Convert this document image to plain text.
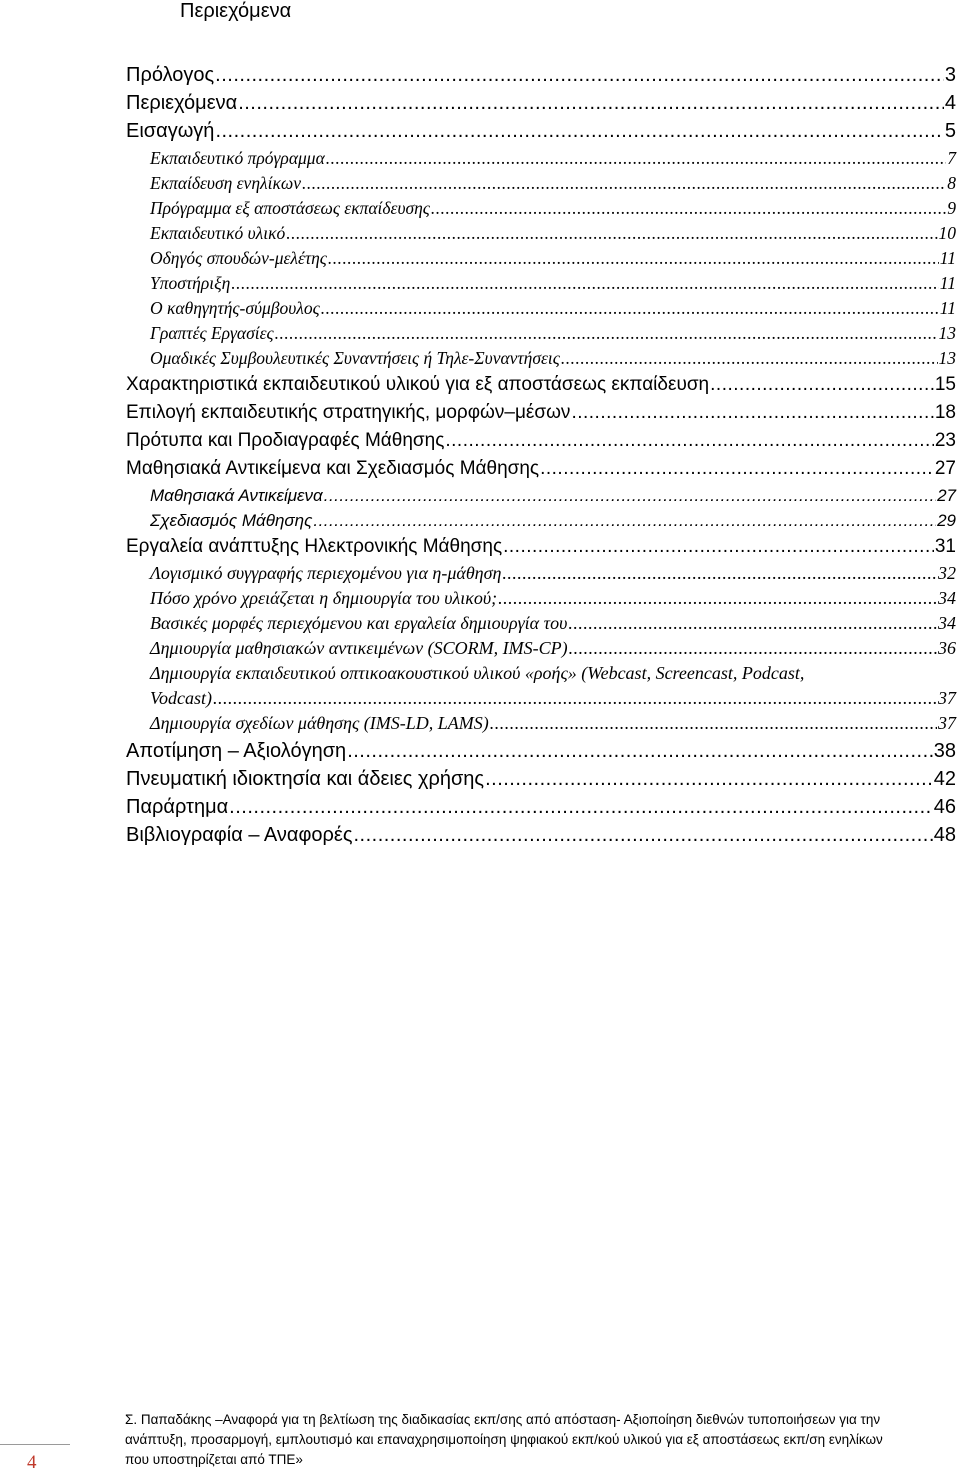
Περιεχόμενα
Πρόλογος .....	3
Περιεχόμενα .....	4
Εισαγωγή .....	5
Εκπαιδευτικό πρόγραμμα .....	7
Εκπαίδευση ενηλίκων .....	8
Πρόγραμμα εξ αποστάσεως εκπαίδευσης .....	9
Εκπαιδευτικό υλικό .....	10
Οδηγός σπουδών-μελέτης .....	11
Υποστήριξη .....	11
Ο καθηγητής-σύμβουλος .....	11
Γραπτές Εργασίες .....	13
Ομαδικές Συμβουλευτικές Συναντήσεις ή Τηλε-Συναντήσεις .....	13
Χαρακτηριστικά εκπαιδευτικού υλικού για εξ αποστάσεως εκπαίδευση .....	15
Επιλογή εκπαιδευτικής στρατηγικής, μορφών–μέσων .....	18
Πρότυπα και Προδιαγραφές Μάθησης .....	23
Μαθησιακά Αντικείμενα και Σχεδιασμός Μάθησης .....	27
Μαθησιακά Αντικείμενα .....	27
Σχεδιασμός Μάθησης .....	29
Εργαλεία ανάπτυξης Ηλεκτρονικής Μάθησης .....	31
Λογισμικό συγγραφής περιεχομένου για η-μάθηση .....	32
Πόσο χρόνο χρειάζεται η δημιουργία του υλικού; .....	34
Βασικές μορφές περιεχόμενου και εργαλεία δημιουργία του .....	34
Δημιουργία μαθησιακών αντικειμένων (SCORM, IMS-CP) .....	36
Δημιουργία εκπαιδευτικού οπτικοακουστικού υλικού «ροής» (Webcast, Screencast, Podcast,
Vodcast) .....	37
Δημιουργία σχεδίων μάθησης (IMS-LD, LAMS) .....	37
Αποτίμηση – Αξιολόγηση .....	38
Πνευματική ιδιοκτησία και άδειες χρήσης .....	42
Παράρτημα .....	46
Βιβλιογραφία – Αναφορές .....	48
Σ. Παπαδάκης –Αναφορά για τη βελτίωση της διαδικασίας εκπ/σης από απόσταση- Αξιοποίηση διεθνών τυποποιήσεων για την
ανάπτυξη, προσαρμογή, εμπλουτισμό και επαναχρησιμοποίηση ψηφιακού εκπ/κού υλικού για εξ αποστάσεως εκπ/ση ενηλίκων
που υποστηρίζεται από ΤΠΕ»
4
